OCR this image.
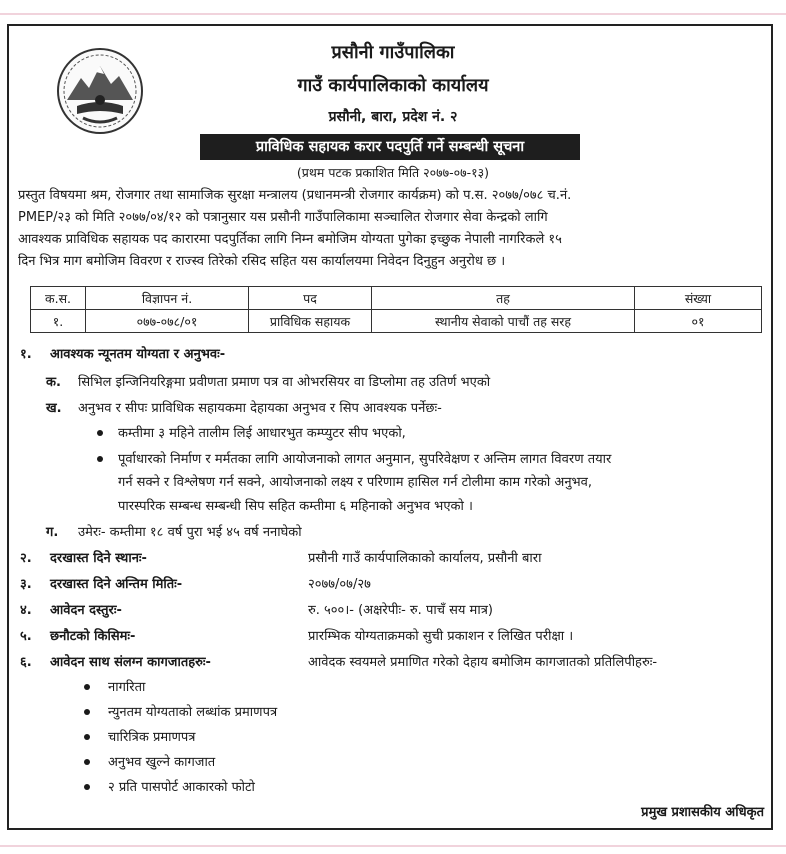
प्रसौनी गाउँपालिका
गाउँ कार्यपालिकाको कार्यालय
प्रसौनी, बारा, प्रदेश नं. २
प्राविधिक सहायक करार पदपुर्ति गर्ने सम्बन्धी सूचना
(प्रथम पटक प्रकाशित मिति २०७७-०७-१३)
प्रस्तुत विषयमा श्रम, रोजगार तथा सामाजिक सुरक्षा मन्त्रालय (प्रधानमन्त्री रोजगार कार्यक्रम) को प.स. २०७७/०७८ च.नं.
PMEP/२३ को मिति २०७७/०४/१२ को पत्रानुसार यस प्रसौनी गाउँपालिकामा सञ्चालित रोजगार सेवा केन्द्रको लागि
आवश्यक प्राविधिक सहायक पद कारारमा पदपुर्तिका लागि निम्न बमोजिम योग्यता पुगेका इच्छुक नेपाली नागरिकले १५
दिन भित्र माग बमोजिम विवरण र राज्स्व तिरेको रसिद सहित यस कार्यालयमा निवेदन दिनुहुन अनुरोध छ ।
क.स.	विज्ञापन नं.	पद	तह	संख्या
१.	०७७-०७८/०१	प्राविधिक सहायक	स्थानीय सेवाको पाचौं तह सरह	०१
१. आवश्यक न्यूनतम योग्यता र अनुभवः-
क. सिभिल इन्जिनियरिङ्गमा प्रवीणता प्रमाण पत्र वा ओभरसियर वा डिप्लोमा तह उतिर्ण भएको
ख. अनुभव र सीपः प्राविधिक सहायकमा देहायका अनुभव र सिप आवश्यक पर्नेछः-
कम्तीमा ३ महिने तालीम लिई आधारभुत कम्प्युटर सीप भएको,
पूर्वाधारको निर्माण र मर्मतका लागि आयोजनाको लागत अनुमान, सुपरिवेक्षण र अन्तिम लागत विवरण तयार
गर्न सक्ने र विश्लेषण गर्न सक्ने, आयोजनाको लक्ष्य र परिणाम हासिल गर्न टोलीमा काम गरेको अनुभव,
पारस्परिक सम्बन्ध सम्बन्धी सिप सहित कम्तीमा ६ महिनाको अनुभव भएको ।
ग. उमेरः- कम्तीमा १८ वर्ष पुरा भई ४५ वर्ष ननाघेको
२. दरखास्त दिने स्थानः-	प्रसौनी गाउँ कार्यपालिकाको कार्यालय, प्रसौनी बारा
३. दरखास्त दिने अन्तिम मितिः-	२०७७/०७/२७
४. आवेदन दस्तुरः-	रु. ५००।- (अक्षरेपीः- रु. पाचँ सय मात्र)
५. छनौटको किसिमः-	प्रारम्भिक योग्यताक्रमको सुची प्रकाशन र लिखित परीक्षा ।
६. आवेदन साथ संलग्न कागजातहरुः-	आवेदक स्वयमले प्रमाणित गरेको देहाय बमोजिम कागजातको प्रतिलिपीहरुः-
नागरिता
न्युनतम योग्यताको लब्धांक प्रमाणपत्र
चारित्रिक प्रमाणपत्र
अनुभव खुल्ने कागजात
२ प्रति पासपोर्ट आकारको फोटो
प्रमुख प्रशासकीय अधिकृत
